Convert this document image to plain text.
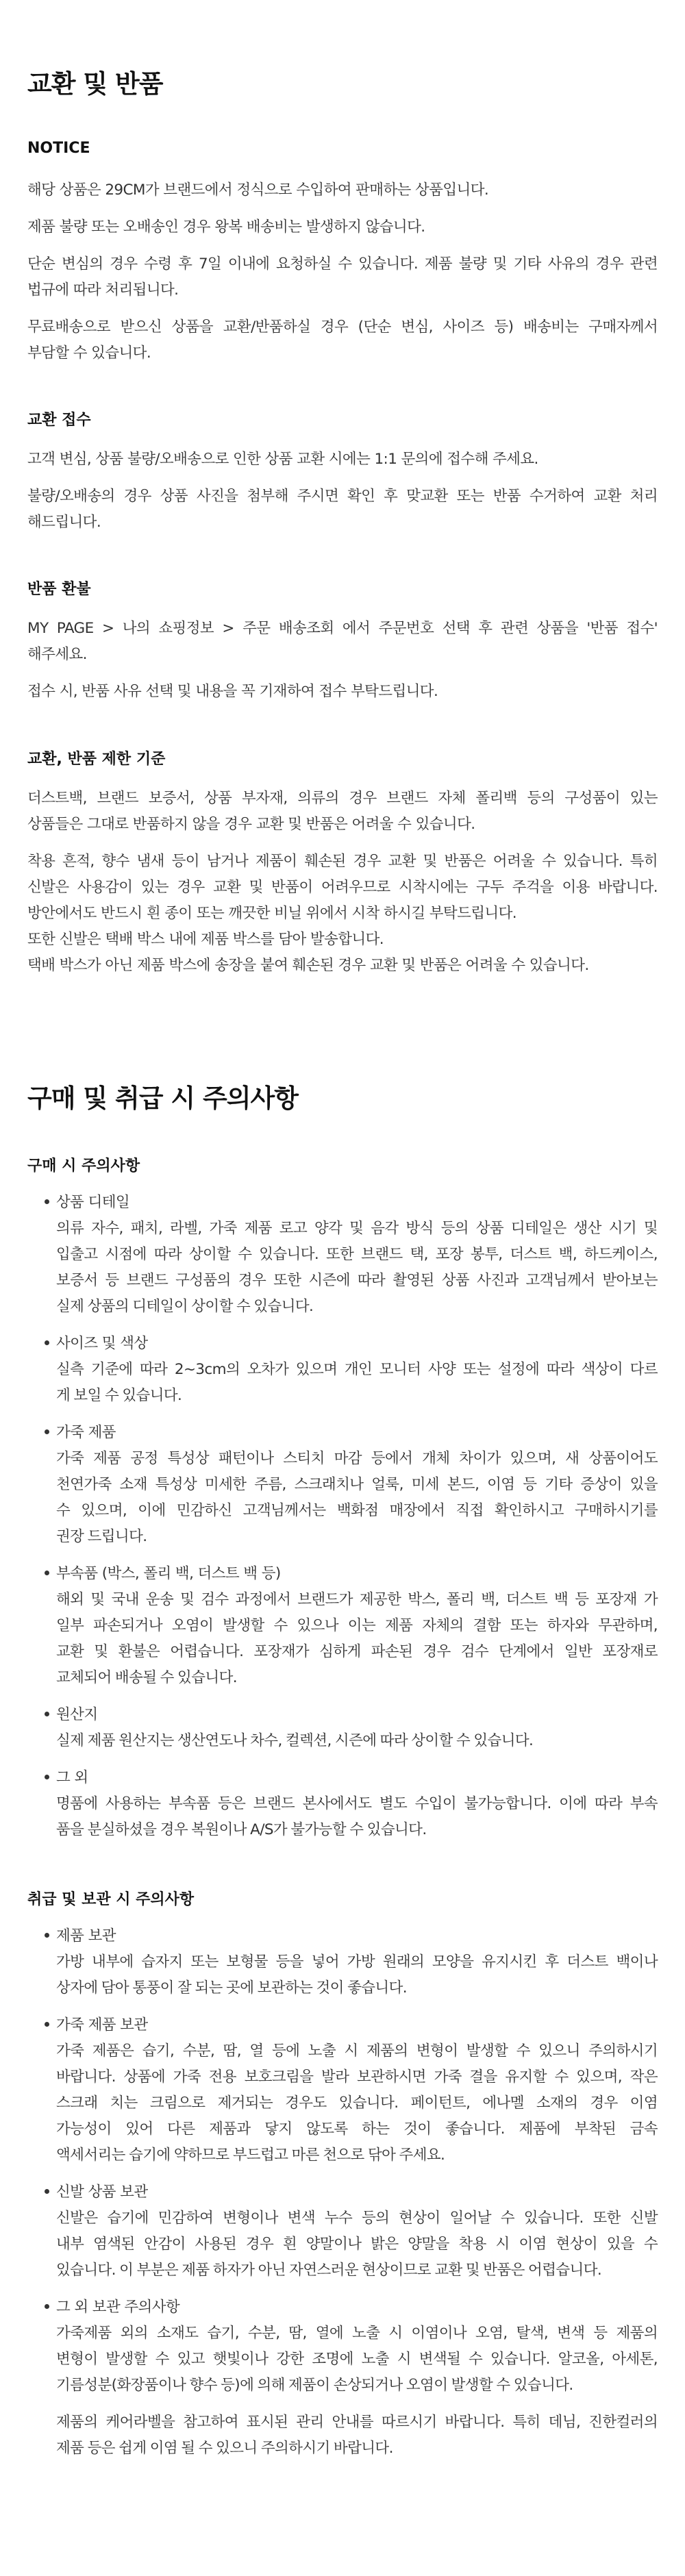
교환 및 반품
NOTICE
해당 상품은 29CM가 브랜드에서 정식으로 수입하여 판매하는 상품입니다.
제품 불량 또는 오배송인 경우 왕복 배송비는 발생하지 않습니다.
단순 변심의 경우 수령 후 7일 이내에 요청하실 수 있습니다. 제품 불량 및 기타 사유의 경우 관련
법규에 따라 처리됩니다.
무료배송으로 받으신 상품을 교환/반품하실 경우 (단순 변심, 사이즈 등) 배송비는 구매자께서
부담할 수 있습니다.
교환 접수
고객 변심, 상품 불량/오배송으로 인한 상품 교환 시에는 1:1 문의에 접수해 주세요.
불량/오배송의 경우 상품 사진을 첨부해 주시면 확인 후 맞교환 또는 반품 수거하여 교환 처리
해드립니다.
반품 환불
MY PAGE > 나의 쇼핑정보 > 주문 배송조회 에서 주문번호 선택 후 관련 상품을 '반품 접수'
해주세요.
접수 시, 반품 사유 선택 및 내용을 꼭 기재하여 접수 부탁드립니다.
교환, 반품 제한 기준
더스트백, 브랜드 보증서, 상품 부자재, 의류의 경우 브랜드 자체 폴리백 등의 구성품이 있는
상품들은 그대로 반품하지 않을 경우 교환 및 반품은 어려울 수 있습니다.
착용 흔적, 향수 냄새 등이 남거나 제품이 훼손된 경우 교환 및 반품은 어려울 수 있습니다. 특히
신발은 사용감이 있는 경우 교환 및 반품이 어려우므로 시착시에는 구두 주걱을 이용 바랍니다.
방안에서도 반드시 흰 종이 또는 깨끗한 비닐 위에서 시착 하시길 부탁드립니다.
또한 신발은 택배 박스 내에 제품 박스를 담아 발송합니다.
택배 박스가 아닌 제품 박스에 송장을 붙여 훼손된 경우 교환 및 반품은 어려울 수 있습니다.
구매 및 취급 시 주의사항
구매 시 주의사항
상품 디테일
의류 자수, 패치, 라벨, 가죽 제품 로고 양각 및 음각 방식 등의 상품 디테일은 생산 시기 및
입출고 시점에 따라 상이할 수 있습니다. 또한 브랜드 택, 포장 봉투, 더스트 백, 하드케이스,
보증서 등 브랜드 구성품의 경우 또한 시즌에 따라 촬영된 상품 사진과 고객님께서 받아보는
실제 상품의 디테일이 상이할 수 있습니다.
사이즈 및 색상
실측 기준에 따라 2~3cm의 오차가 있으며 개인 모니터 사양 또는 설정에 따라 색상이 다르
게 보일 수 있습니다.
가죽 제품
가죽 제품 공정 특성상 패턴이나 스티치 마감 등에서 개체 차이가 있으며, 새 상품이어도
천연가죽 소재 특성상 미세한 주름, 스크래치나 얼룩, 미세 본드, 이염 등 기타 증상이 있을
수 있으며, 이에 민감하신 고객님께서는 백화점 매장에서 직접 확인하시고 구매하시기를
권장 드립니다.
부속품 (박스, 폴리 백, 더스트 백 등)
해외 및 국내 운송 및 검수 과정에서 브랜드가 제공한 박스, 폴리 백, 더스트 백 등 포장재 가
일부 파손되거나 오염이 발생할 수 있으나 이는 제품 자체의 결함 또는 하자와 무관하며,
교환 및 환불은 어렵습니다. 포장재가 심하게 파손된 경우 검수 단계에서 일반 포장재로
교체되어 배송될 수 있습니다.
원산지
실제 제품 원산지는 생산연도나 차수, 컬렉션, 시즌에 따라 상이할 수 있습니다.
그 외
명품에 사용하는 부속품 등은 브랜드 본사에서도 별도 수입이 불가능합니다. 이에 따라 부속
품을 분실하셨을 경우 복원이나 A/S가 불가능할 수 있습니다.
취급 및 보관 시 주의사항
제품 보관
가방 내부에 습자지 또는 보형물 등을 넣어 가방 원래의 모양을 유지시킨 후 더스트 백이나
상자에 담아 통풍이 잘 되는 곳에 보관하는 것이 좋습니다.
가죽 제품 보관
가죽 제품은 습기, 수분, 땀, 열 등에 노출 시 제품의 변형이 발생할 수 있으니 주의하시기
바랍니다. 상품에 가죽 전용 보호크림을 발라 보관하시면 가죽 결을 유지할 수 있으며, 작은
스크래 치는 크림으로 제거되는 경우도 있습니다. 페이턴트, 에나멜 소재의 경우 이염
가능성이 있어 다른 제품과 닿지 않도록 하는 것이 좋습니다. 제품에 부착된 금속
액세서리는 습기에 약하므로 부드럽고 마른 천으로 닦아 주세요.
신발 상품 보관
신발은 습기에 민감하여 변형이나 변색 누수 등의 현상이 일어날 수 있습니다. 또한 신발
내부 염색된 안감이 사용된 경우 흰 양말이나 밝은 양말을 착용 시 이염 현상이 있을 수
있습니다. 이 부분은 제품 하자가 아닌 자연스러운 현상이므로 교환 및 반품은 어렵습니다.
그 외 보관 주의사항
가죽제품 외의 소재도 습기, 수분, 땀, 열에 노출 시 이염이나 오염, 탈색, 변색 등 제품의
변형이 발생할 수 있고 햇빛이나 강한 조명에 노출 시 변색될 수 있습니다. 알코올, 아세톤,
기름성분(화장품이나 향수 등)에 의해 제품이 손상되거나 오염이 발생할 수 있습니다.
제품의 케어라벨을 참고하여 표시된 관리 안내를 따르시기 바랍니다. 특히 데님, 진한컬러의
제품 등은 쉽게 이염 될 수 있으니 주의하시기 바랍니다.
